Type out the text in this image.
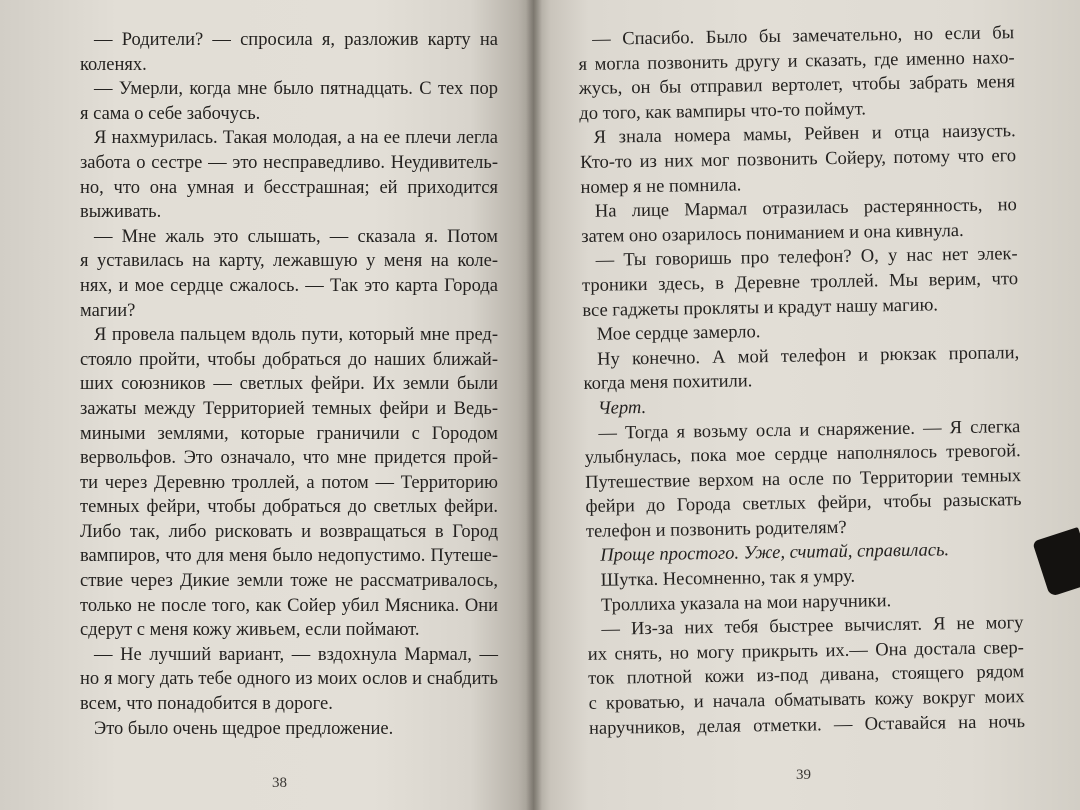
— Родители? — спросила я, разложив карту на
коленях.
— Умерли, когда мне было пятнадцать. С тех пор
я сама о себе забочусь.
Я нахмурилась. Такая молодая, а на ее плечи легла
забота о сестре — это несправедливо. Неудивитель-
но, что она умная и бесстрашная; ей приходится
выживать.
— Мне жаль это слышать, — сказала я. Потом
я уставилась на карту, лежавшую у меня на коле-
нях, и мое сердце сжалось. — Так это карта Города
магии?
Я провела пальцем вдоль пути, который мне пред-
стояло пройти, чтобы добраться до наших ближай-
ших союзников — светлых фейри. Их земли были
зажаты между Территорией темных фейри и Ведь-
миными землями, которые граничили с Городом
вервольфов. Это означало, что мне придется прой-
ти через Деревню троллей, а потом — Территорию
темных фейри, чтобы добраться до светлых фейри.
Либо так, либо рисковать и возвращаться в Город
вампиров, что для меня было недопустимо. Путеше-
ствие через Дикие земли тоже не рассматривалось,
только не после того, как Сойер убил Мясника. Они
сдерут с меня кожу живьем, если поймают.
— Не лучший вариант, — вздохнула Мармал, —
но я могу дать тебе одного из моих ослов и снабдить
всем, что понадобится в дороге.
Это было очень щедрое предложение.
38
— Спасибо. Было бы замечательно, но если бы
я могла позвонить другу и сказать, где именно нахо-
жусь, он бы отправил вертолет, чтобы забрать меня
до того, как вампиры что-то поймут.
Я знала номера мамы, Рейвен и отца наизусть.
Кто-то из них мог позвонить Сойеру, потому что его
номер я не помнила.
На лице Мармал отразилась растерянность, но
затем оно озарилось пониманием и она кивнула.
— Ты говоришь про телефон? О, у нас нет элек-
троники здесь, в Деревне троллей. Мы верим, что
все гаджеты прокляты и крадут нашу магию.
Мое сердце замерло.
Ну конечно. А мой телефон и рюкзак пропали,
когда меня похитили.
Черт.
— Тогда я возьму осла и снаряжение. — Я слегка
улыбнулась, пока мое сердце наполнялось тревогой.
Путешествие верхом на осле по Территории темных
фейри до Города светлых фейри, чтобы разыскать
телефон и позвонить родителям?
Проще простого. Уже, считай, справилась.
Шутка. Несомненно, так я умру.
Троллиха указала на мои наручники.
— Из-за них тебя быстрее вычислят. Я не могу
их снять, но могу прикрыть их.— Она достала свер-
ток плотной кожи из-под дивана, стоящего рядом
с кроватью, и начала обматывать кожу вокруг моих
наручников, делая отметки. — Оставайся на ночь
39
